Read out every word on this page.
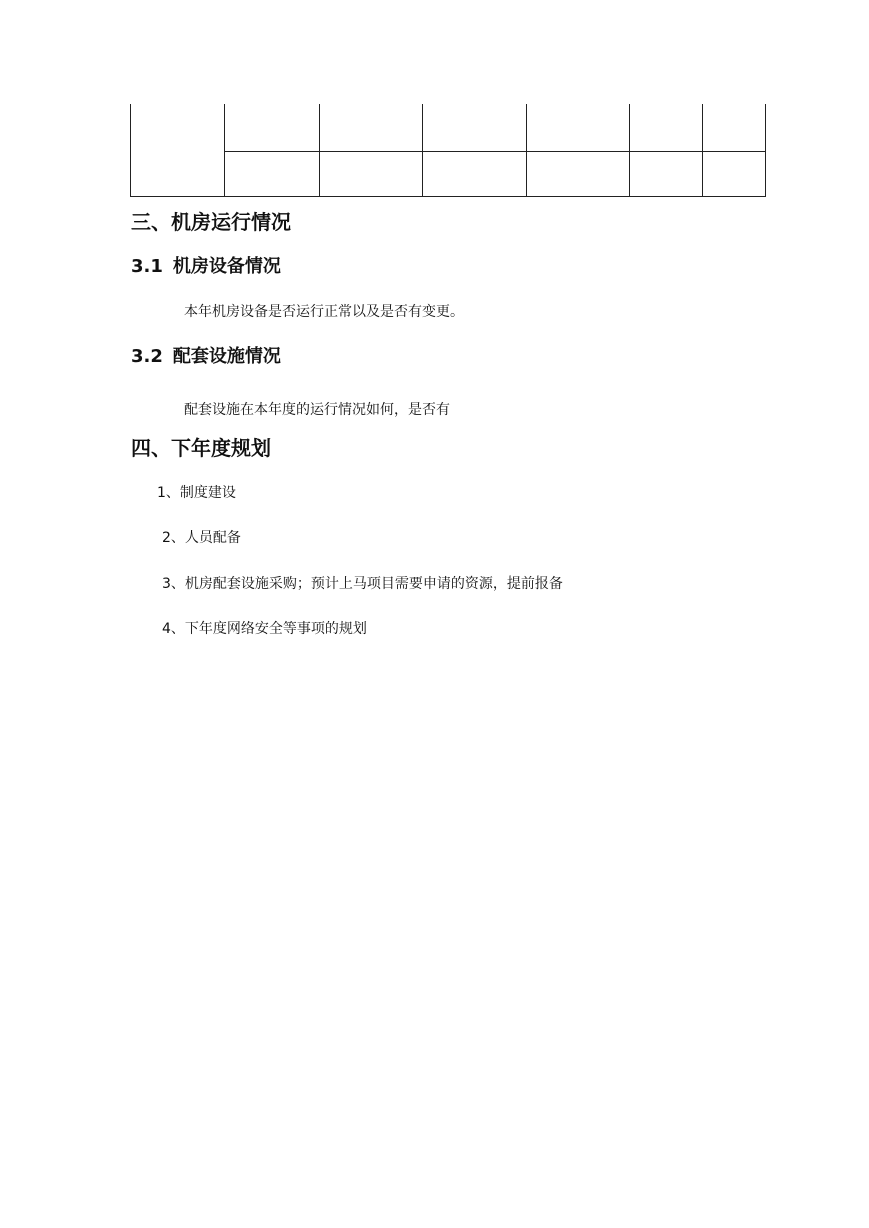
三、机房运行情况
3.1 机房设备情况
本年机房设备是否运行正常以及是否有变更。
3.2 配套设施情况
配套设施在本年度的运行情况如何，是否有
四、下年度规划
1、制度建设
2、人员配备
3、机房配套设施采购；预计上马项目需要申请的资源，提前报备
4、下年度网络安全等事项的规划
